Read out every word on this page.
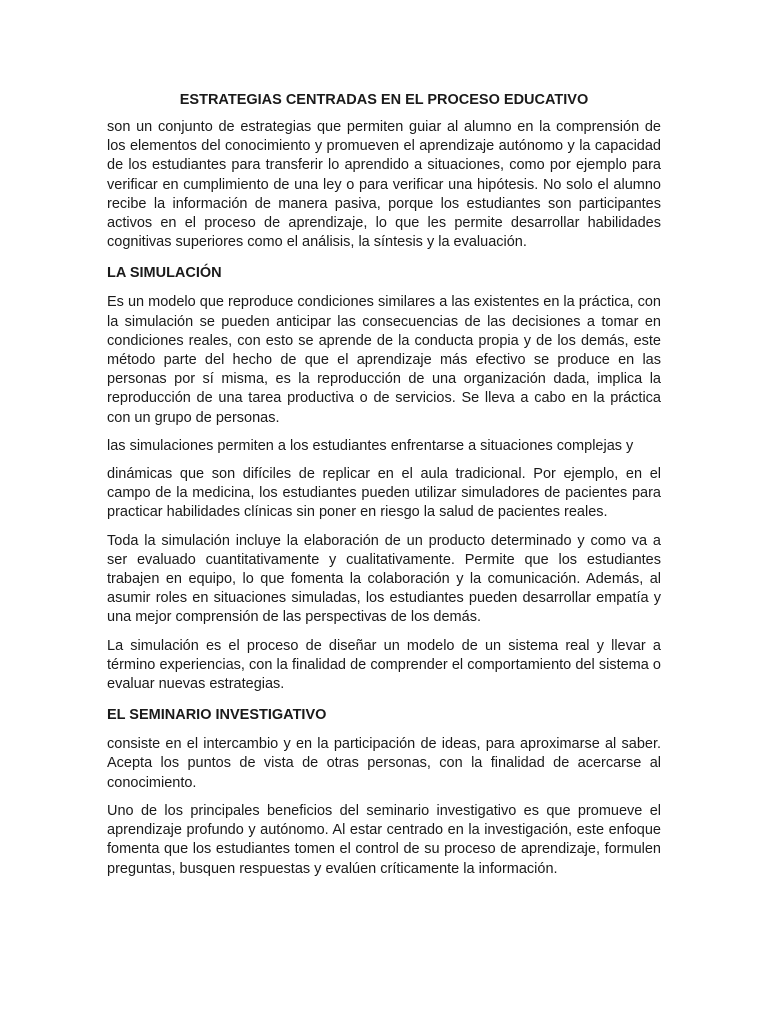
ESTRATEGIAS CENTRADAS EN EL PROCESO EDUCATIVO

son un conjunto de estrategias que permiten guiar al alumno en la comprensión de los elementos del conocimiento y promueven el aprendizaje autónomo y la capacidad de los estudiantes para transferir lo aprendido a situaciones, como por ejemplo para verificar en cumplimiento de una ley o para verificar una hipótesis. No solo el alumno recibe la información de manera pasiva, porque los estudiantes son participantes activos en el proceso de aprendizaje, lo que les permite desarrollar habilidades cognitivas superiores como el análisis, la síntesis y la evaluación.

LA SIMULACIÓN

Es un modelo que reproduce condiciones similares a las existentes en la práctica, con la simulación se pueden anticipar las consecuencias de las decisiones a tomar en condiciones reales, con esto se aprende de la conducta propia y de los demás, este método parte del hecho de que el aprendizaje más efectivo se produce en las personas por sí misma, es la reproducción de una organización dada, implica la reproducción de una tarea productiva o de servicios. Se lleva a cabo en la práctica con un grupo de personas.

las simulaciones permiten a los estudiantes enfrentarse a situaciones complejas y

dinámicas que son difíciles de replicar en el aula tradicional. Por ejemplo, en el campo de la medicina, los estudiantes pueden utilizar simuladores de pacientes para practicar habilidades clínicas sin poner en riesgo la salud de pacientes reales.

Toda la simulación incluye la elaboración de un producto determinado y como va a ser evaluado cuantitativamente y cualitativamente. Permite que los estudiantes trabajen en equipo, lo que fomenta la colaboración y la comunicación. Además, al asumir roles en situaciones simuladas, los estudiantes pueden desarrollar empatía y una mejor comprensión de las perspectivas de los demás.

La simulación es el proceso de diseñar un modelo de un sistema real y llevar a término experiencias, con la finalidad de comprender el comportamiento del sistema o evaluar nuevas estrategias.

EL SEMINARIO INVESTIGATIVO

consiste en el intercambio y en la participación de ideas, para aproximarse al saber. Acepta los puntos de vista de otras personas, con la finalidad de acercarse al conocimiento.

Uno de los principales beneficios del seminario investigativo es que promueve el aprendizaje profundo y autónomo. Al estar centrado en la investigación, este enfoque fomenta que los estudiantes tomen el control de su proceso de aprendizaje, formulen preguntas, busquen respuestas y evalúen críticamente la información.
